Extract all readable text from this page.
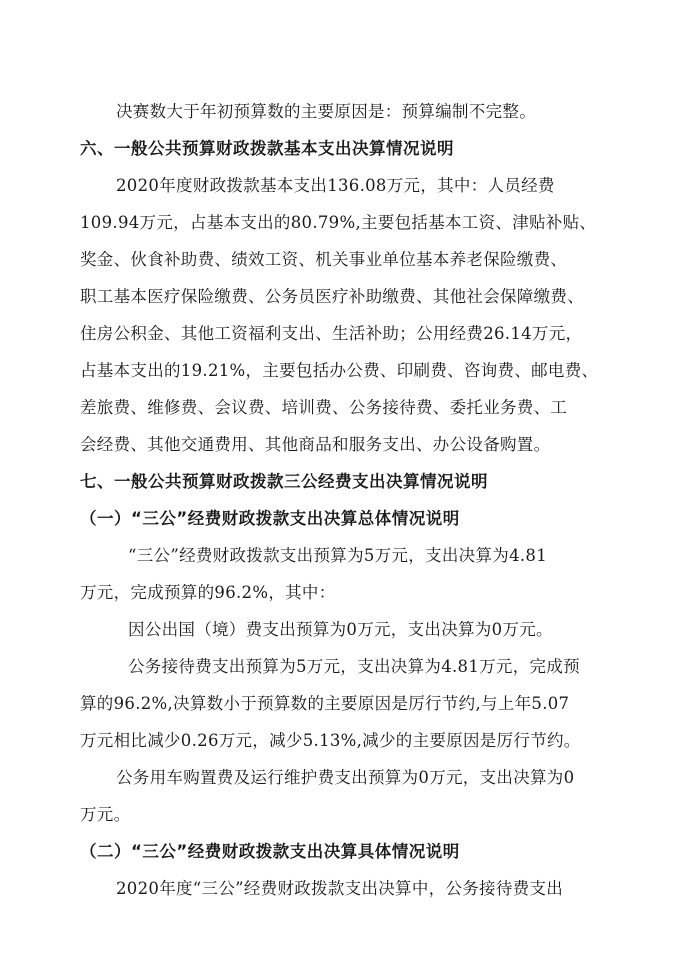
决赛数大于年初预算数的主要原因是：预算编制不完整。
六、一般公共预算财政拨款基本支出决算情况说明
2020年度财政拨款基本支出136.08万元，其中：人员经费
109.94万元，占基本支出的80.79%,主要包括基本工资、津贴补贴、
奖金、伙食补助费、绩效工资、机关事业单位基本养老保险缴费、
职工基本医疗保险缴费、公务员医疗补助缴费、其他社会保障缴费、
住房公积金、其他工资福利支出、生活补助；公用经费26.14万元，
占基本支出的19.21%，主要包括办公费、印刷费、咨询费、邮电费、
差旅费、维修费、会议费、培训费、公务接待费、委托业务费、工
会经费、其他交通费用、其他商品和服务支出、办公设备购置。
七、一般公共预算财政拨款三公经费支出决算情况说明
（一）“三公”经费财政拨款支出决算总体情况说明
“三公”经费财政拨款支出预算为5万元，支出决算为4.81
万元，完成预算的96.2%，其中：
因公出国（境）费支出预算为0万元，支出决算为0万元。
公务接待费支出预算为5万元，支出决算为4.81万元，完成预
算的96.2%,决算数小于预算数的主要原因是厉行节约,与上年5.07
万元相比减少0.26万元，减少5.13%,减少的主要原因是厉行节约。
公务用车购置费及运行维护费支出预算为0万元，支出决算为0
万元。
（二）“三公”经费财政拨款支出决算具体情况说明
2020年度“三公”经费财政拨款支出决算中，公务接待费支出
